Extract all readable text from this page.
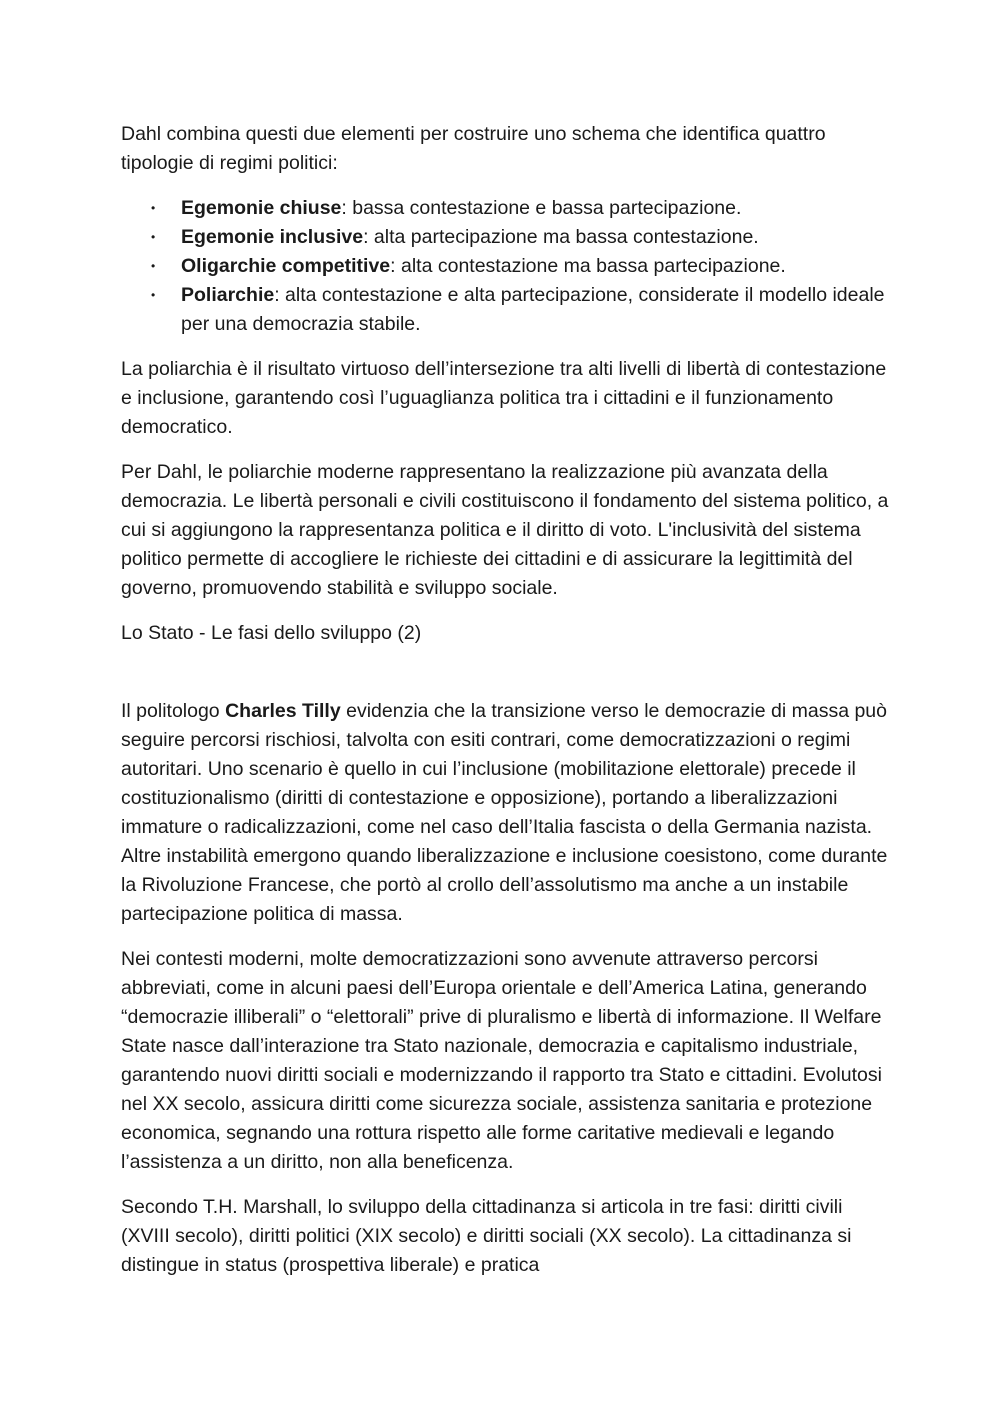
Dahl combina questi due elementi per costruire uno schema che identifica quattro tipologie di regimi politici:

• Egemonie chiuse: bassa contestazione e bassa partecipazione.
• Egemonie inclusive: alta partecipazione ma bassa contestazione.
• Oligarchie competitive: alta contestazione ma bassa partecipazione.
• Poliarchie: alta contestazione e alta partecipazione, considerate il modello ideale per una democrazia stabile.

La poliarchia è il risultato virtuoso dell’intersezione tra alti livelli di libertà di contestazione e inclusione, garantendo così l’uguaglianza politica tra i cittadini e il funzionamento democratico.

Per Dahl, le poliarchie moderne rappresentano la realizzazione più avanzata della democrazia. Le libertà personali e civili costituiscono il fondamento del sistema politico, a cui si aggiungono la rappresentanza politica e il diritto di voto. L'inclusività del sistema politico permette di accogliere le richieste dei cittadini e di assicurare la legittimità del governo, promuovendo stabilità e sviluppo sociale.

Lo Stato - Le fasi dello sviluppo (2)

Il politologo Charles Tilly evidenzia che la transizione verso le democrazie di massa può seguire percorsi rischiosi, talvolta con esiti contrari, come democratizzazioni o regimi autoritari. Uno scenario è quello in cui l’inclusione (mobilitazione elettorale) precede il costituzionalismo (diritti di contestazione e opposizione), portando a liberalizzazioni immature o radicalizzazioni, come nel caso dell’Italia fascista o della Germania nazista. Altre instabilità emergono quando liberalizzazione e inclusione coesistono, come durante la Rivoluzione Francese, che portò al crollo dell’assolutismo ma anche a un instabile partecipazione politica di massa.

Nei contesti moderni, molte democratizzazioni sono avvenute attraverso percorsi abbreviati, come in alcuni paesi dell’Europa orientale e dell’America Latina, generando “democrazie illiberali” o “elettorali” prive di pluralismo e libertà di informazione. Il Welfare State nasce dall’interazione tra Stato nazionale, democrazia e capitalismo industriale, garantendo nuovi diritti sociali e modernizzando il rapporto tra Stato e cittadini. Evolutosi nel XX secolo, assicura diritti come sicurezza sociale, assistenza sanitaria e protezione economica, segnando una rottura rispetto alle forme caritative medievali e legando l’assistenza a un diritto, non alla beneficenza.

Secondo T.H. Marshall, lo sviluppo della cittadinanza si articola in tre fasi: diritti civili (XVIII secolo), diritti politici (XIX secolo) e diritti sociali (XX secolo). La cittadinanza si distingue in status (prospettiva liberale) e pratica
